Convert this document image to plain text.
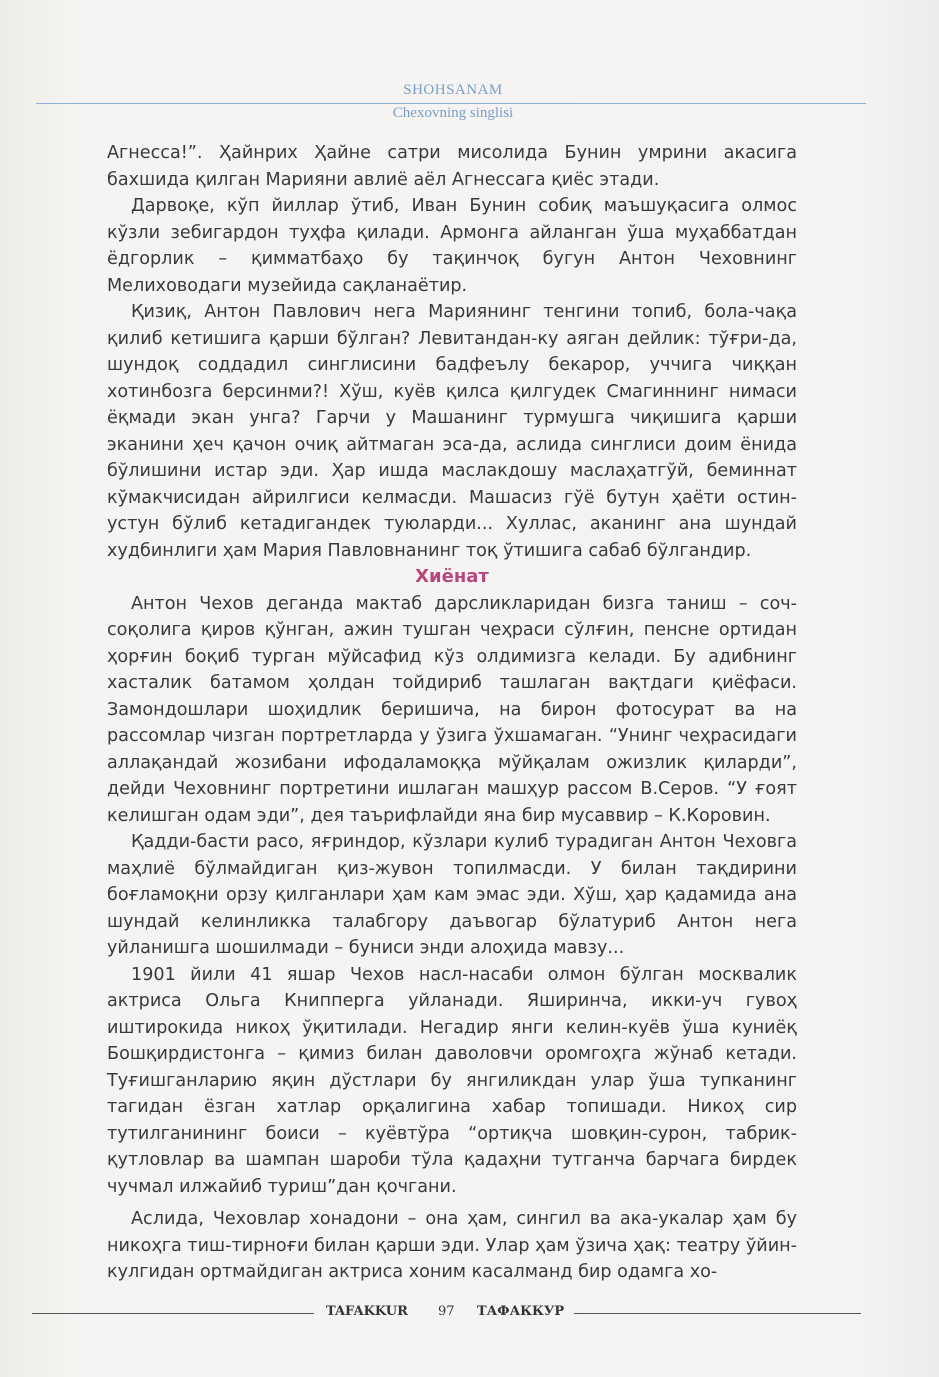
SHOHSANAM
Chexovning singlisi

Агнесса!”. Ҳайнрих Ҳайне сатри мисолида Бунин умрини акасига бахшида қилган Марияни авлиё аёл Агнессага қиёс этади.

Дарвоқе, кўп йиллар ўтиб, Иван Бунин собиқ маъшуқасига олмос кўзли зебигардон туҳфа қилади. Армонга айланган ўша муҳаббатдан ёдгорлик – қимматбаҳо бу тақинчоқ бугун Антон Чеховнинг Мелиховодаги музейида сақланаётир.

Қизиқ, Антон Павлович нега Мариянинг тенгини топиб, бола-чақа қилиб кетишига қарши бўлган? Левитандан-ку аяган дейлик: тўғри-да, шундоқ соддадил синглисини бадфеълу бекарор, уччига чиққан хотинбозга берсинми?! Хўш, куёв қилса қилгудек Смагиннинг нимаси ёқмади экан унга? Гарчи у Машанинг турмушга чиқишига қарши эканини ҳеч қачон очиқ айтмаган эса-да, аслида синглиси доим ёнида бўлишини истар эди. Ҳар ишда маслакдошу маслаҳатгўй, беминнат кўмакчисидан айрилгиси келмасди. Машасиз гўё бутун ҳаёти остин-устун бўлиб кетадигандек туюларди... Хуллас, аканинг ана шундай худбинлиги ҳам Мария Павловнанинг тоқ ўтишига сабаб бўлгандир.

Хиёнат

Антон Чехов деганда мактаб дарсликларидан бизга таниш – соч-соқолига қиров қўнган, ажин тушган чеҳраси сўлғин, пенсне ортидан ҳорғин боқиб турган мўйсафид кўз олдимизга келади. Бу адибнинг хасталик батамом ҳолдан тойдириб ташлаган вақтдаги қиёфаси. Замондошлари шоҳидлик беришича, на бирон фотосурат ва на рассомлар чизган портретларда у ўзига ўхшамаган. “Унинг чеҳрасидаги аллақандай жозибани ифодаламоққа мўйқалам ожизлик қиларди”, дейди Чеховнинг портретини ишлаган машҳур рассом В.Серов. “У ғоят келишган одам эди”, дея таърифлайди яна бир мусаввир – К.Коровин.

Қадди-басти расо, яғриндор, кўзлари кулиб турадиган Антон Чеховга маҳлиё бўлмайдиган қиз-жувон топилмасди. У билан тақдирини боғламоқни орзу қилганлари ҳам кам эмас эди. Хўш, ҳар қадамида ана шундай келинликка талабгору даъвогар бўлатуриб Антон нега уйланишга шошилмади – буниси энди алоҳида мавзу...

1901 йили 41 яшар Чехов насл-насаби олмон бўлган москвалик актриса Ольга Книпперга уйланади. Яширинча, икки-уч гувоҳ иштирокида никоҳ ўқитилади. Негадир янги келин-куёв ўша куниёқ Бошқирдистонга – қимиз билан даволовчи оромгоҳга жўнаб кетади. Туғишганларию яқин дўстлари бу янгиликдан улар ўша тупканинг тагидан ёзган хатлар орқалигина хабар топишади. Никоҳ сир тутилганининг боиси – куёвтўра “ортиқча шовқин-сурон, табрик-қутловлар ва шампан шароби тўла қадаҳни тутганча барчага бирдек чучмал илжайиб туриш”дан қочгани.

Аслида, Чеховлар хонадони – она ҳам, сингил ва ака-укалар ҳам бу никоҳга тиш-тирноғи билан қарши эди. Улар ҳам ўзича ҳақ: театру ўйин-кулгидан ортмайдиган актриса хоним касалманд бир одамга хо-

TAFAKKUR 97 ТАФАККУР
